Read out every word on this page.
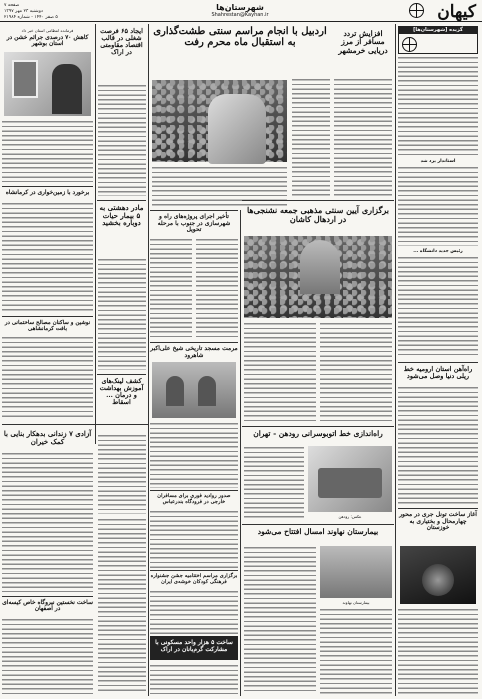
کیهان
شهرستان‌ها
Shahrestan@Kayhan.ir
صفحه ۷
دوشنبه ۲۳ مهر ۱۳۹۷
۵ صفر ۱۴۴۰ - شماره ۲۱۹۸۴
گزیده [شهرستان‌ها]
استاندار یزد شد
رئیس جدید دانشگاه ...
راه‌آهن استان ارومیه خط ریلی دنیا وصل می‌شود
آغاز ساخت تونل جری در محور چهارمحال و بختیاری به خوزستان
افزایش تردد مسافر از مرز دریایی خرمشهر
اردبیل با انجام مراسم سنتی طشت‌گذاری به استقبال ماه محرم رفت
برگزاری آیین سنتی مذهبی جمعه نشنجی‌ها در اردهال کاشان
راه‌اندازی خط اتوبوسرانی رودهن - تهران
عکس: رودهن
بیمارستان نهاوند امسال افتتاح می‌شود
بیمارستان نهاوند
تأخیر اجرای پروژه‌های راه و شهرسازی در جنوب با مرحله تحویل
مرمت مسجد تاریخی شیخ علی‌اکبر شاهرود
صدور روادید فوری برای مسافران خارجی در فرودگاه بندرعباس
برگزاری مراسم اختتامیه جشن جشنواره فرهنگی کودکان خوشه‌ی ایران
ساخت ۵ هزار واحد مسکونی با مشارکت گرم‌بانان در اراک
ایجاد ۶۵ فرصت شغلی در قالب اقتصاد مقاومتی در اراک
مادر دهشتی به ۵ بیمار حیات دوباره بخشید
کشف لینک‌های آموزش بهداشت و درمان ... اسقاط
فرمانده انتظامی استان خبر داد
کاهش ۷۰ درصدی جرائم خشن در استان بوشهر
برخورد با زمین‌خواری در کرمانشاه
نوشین و ساکنان مصالح ساختمانی در بافت کرمانشاهی
آزادی ۷ زندانی بدهکار بنایی با کمک خیران
ساخت نخستین نیروگاه خاص کیسه‌ای در اصفهان
